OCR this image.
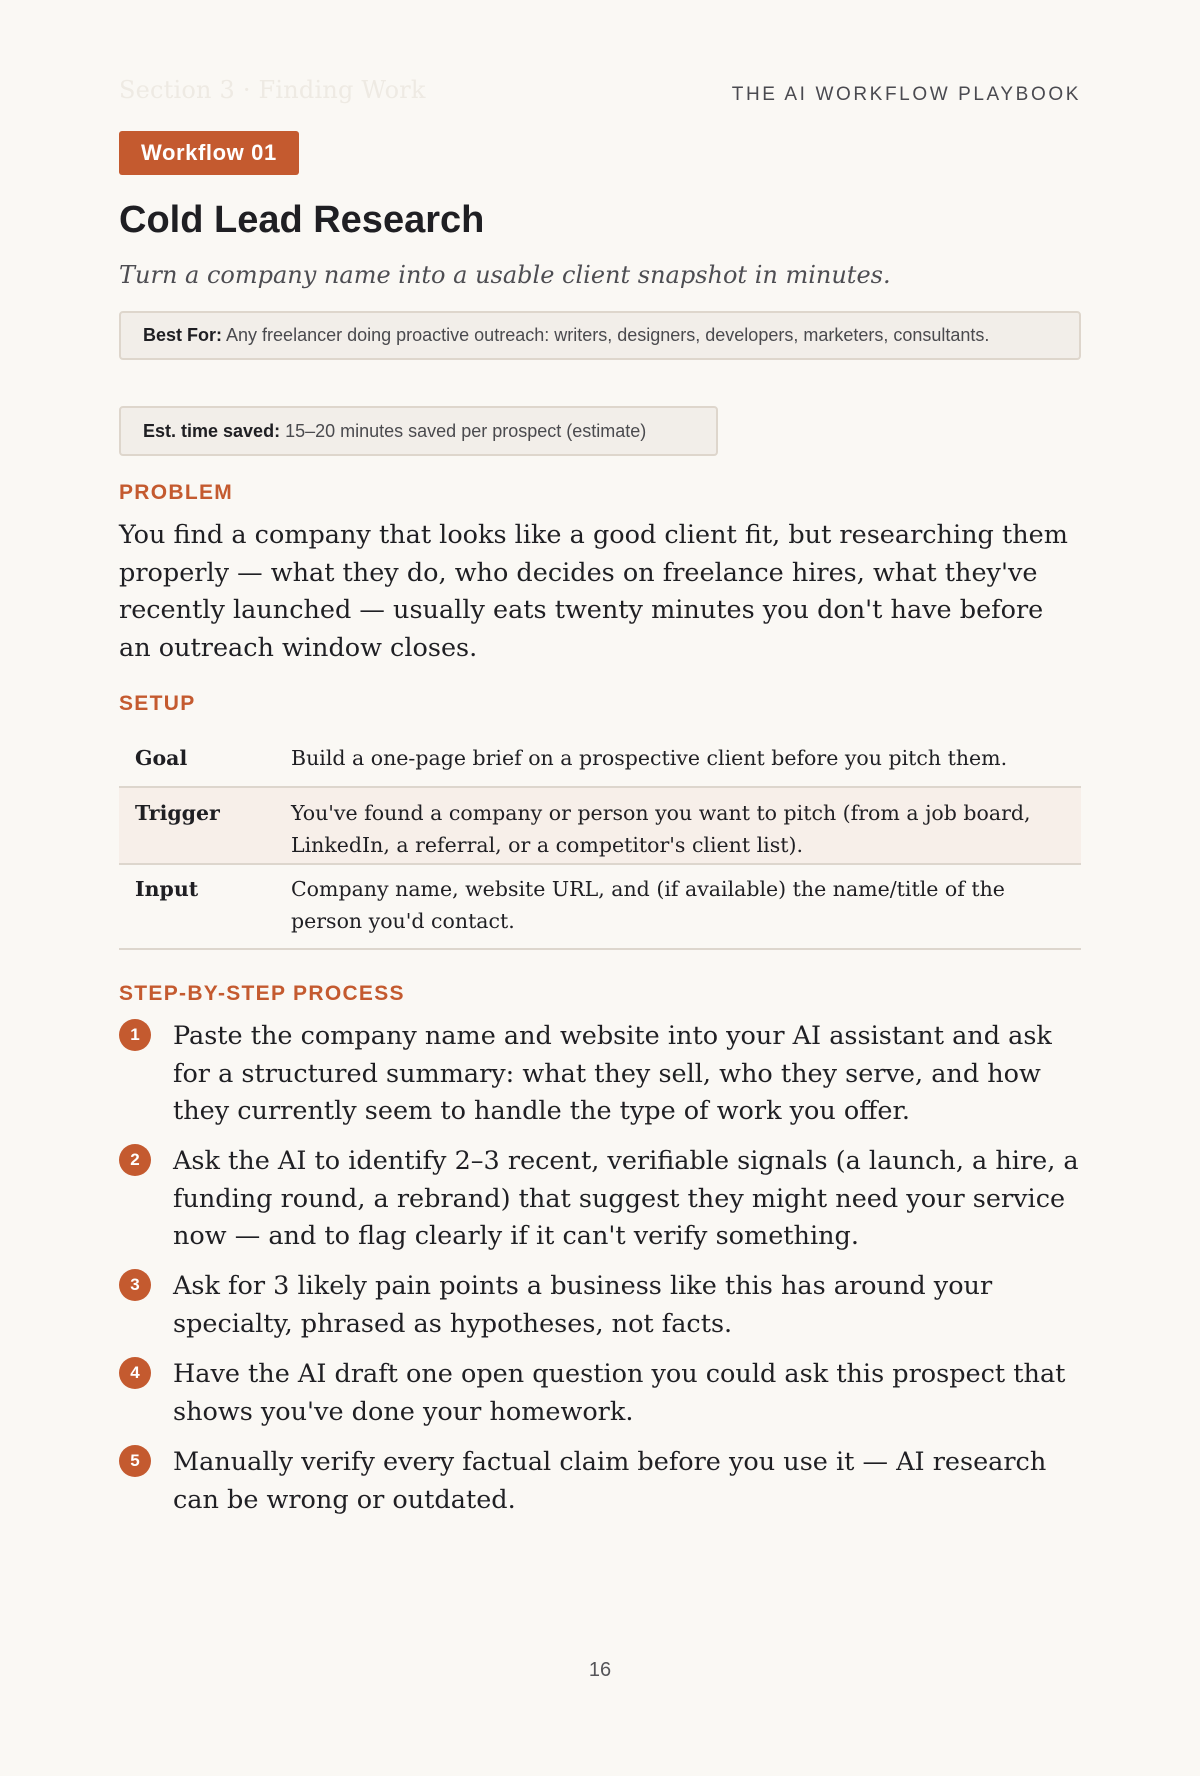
Section 3 · Finding Work	THE AI WORKFLOW PLAYBOOK
Workflow 01
Cold Lead Research

Turn a company name into a usable client snapshot in minutes.

Best For: Any freelancer doing proactive outreach: writers, designers, developers, marketers, consultants.
Est. time saved: 15–20 minutes saved per prospect (estimate)
PROBLEM

You find a company that looks like a good client fit, but researching them properly — what they do, who decides on freelance hires, what they've recently launched — usually eats twenty minutes you don't have before an outreach window closes.

SETUP
Goal	Build a one-page brief on a prospective client before you pitch them.

Trigger	You've found a company or person you want to pitch (from a job board, LinkedIn, a referral, or a competitor's client list).

Input	Company name, website URL, and (if available) the name/title of the person you'd contact.
STEP-BY-STEP PROCESS
1	Paste the company name and website into your AI assistant and ask for a structured summary: what they sell, who they serve, and how they currently seem to handle the type of work you offer.

2	Ask the AI to identify 2–3 recent, verifiable signals (a launch, a hire, a funding round, a rebrand) that suggest they might need your service now — and to flag clearly if it can't verify something.

3	Ask for 3 likely pain points a business like this has around your specialty, phrased as hypotheses, not facts.

4	Have the AI draft one open question you could ask this prospect that shows you've done your homework.

5	Manually verify every factual claim before you use it — AI research can be wrong or outdated.

16
